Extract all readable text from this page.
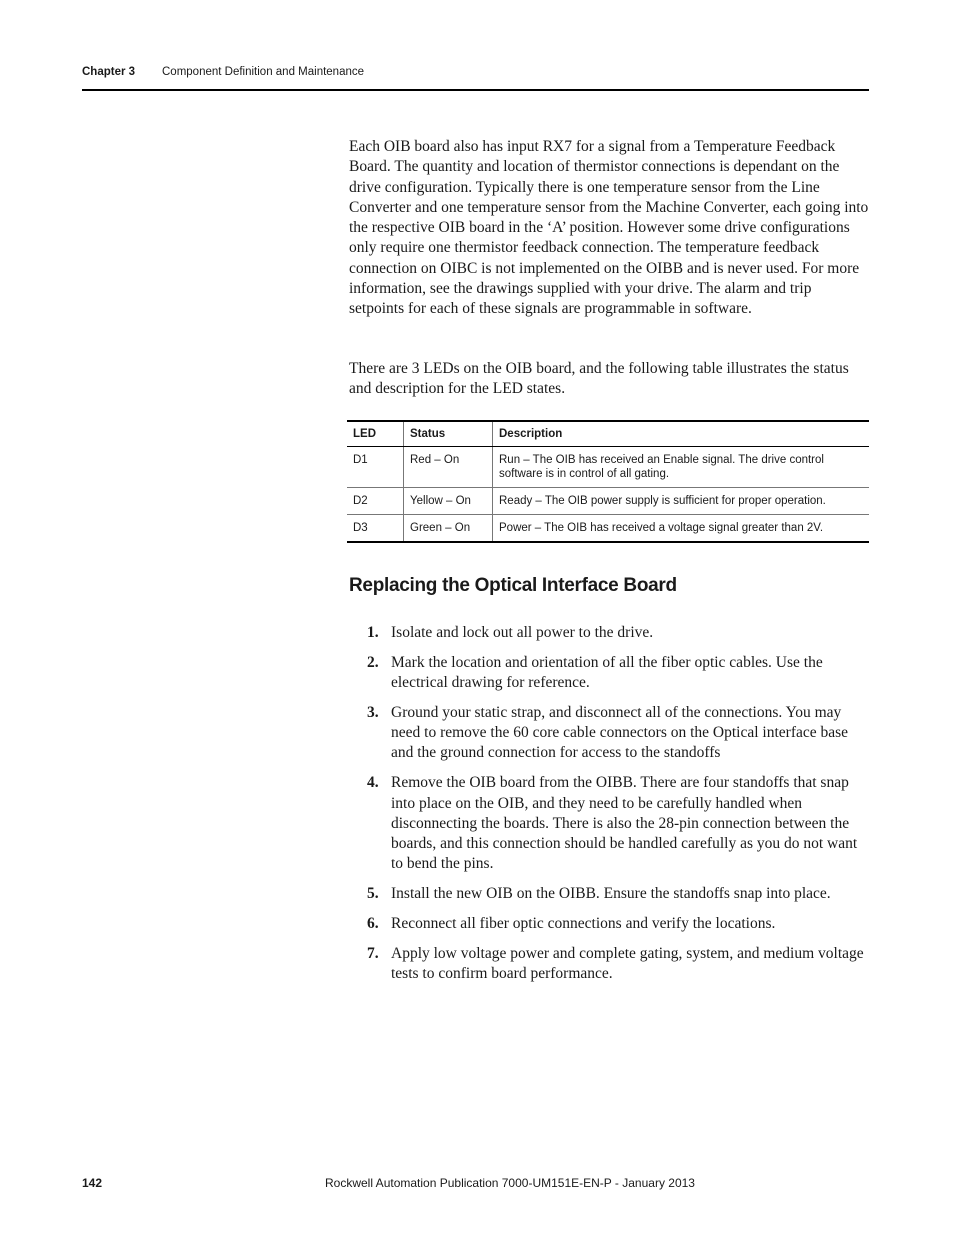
Chapter 3 Component Definition and Maintenance

Each OIB board also has input RX7 for a signal from a Temperature Feedback Board. The quantity and location of thermistor connections is dependant on the drive configuration. Typically there is one temperature sensor from the Line Converter and one temperature sensor from the Machine Converter, each going into the respective OIB board in the ‘A’ position. However some drive configurations only require one thermistor feedback connection. The temperature feedback connection on OIBC is not implemented on the OIBB and is never used. For more information, see the drawings supplied with your drive. The alarm and trip setpoints for each of these signals are programmable in software.

There are 3 LEDs on the OIB board, and the following table illustrates the status and description for the LED states.

LED	Status	Description
D1	Red – On	Run – The OIB has received an Enable signal. The drive control software is in control of all gating.
D2	Yellow – On	Ready – The OIB power supply is sufficient for proper operation.
D3	Green – On	Power – The OIB has received a voltage signal greater than 2V.
Replacing the Optical Interface Board
1. Isolate and lock out all power to the drive.
2. Mark the location and orientation of all the fiber optic cables. Use the electrical drawing for reference.
3. Ground your static strap, and disconnect all of the connections. You may need to remove the 60 core cable connectors on the Optical interface base and the ground connection for access to the standoffs
4. Remove the OIB board from the OIBB. There are four standoffs that snap into place on the OIB, and they need to be carefully handled when disconnecting the boards. There is also the 28-pin connection between the boards, and this connection should be handled carefully as you do not want to bend the pins.
5. Install the new OIB on the OIBB. Ensure the standoffs snap into place.
6. Reconnect all fiber optic connections and verify the locations.
7. Apply low voltage power and complete gating, system, and medium voltage tests to confirm board performance.
142	Rockwell Automation Publication 7000-UM151E-EN-P - January 2013
